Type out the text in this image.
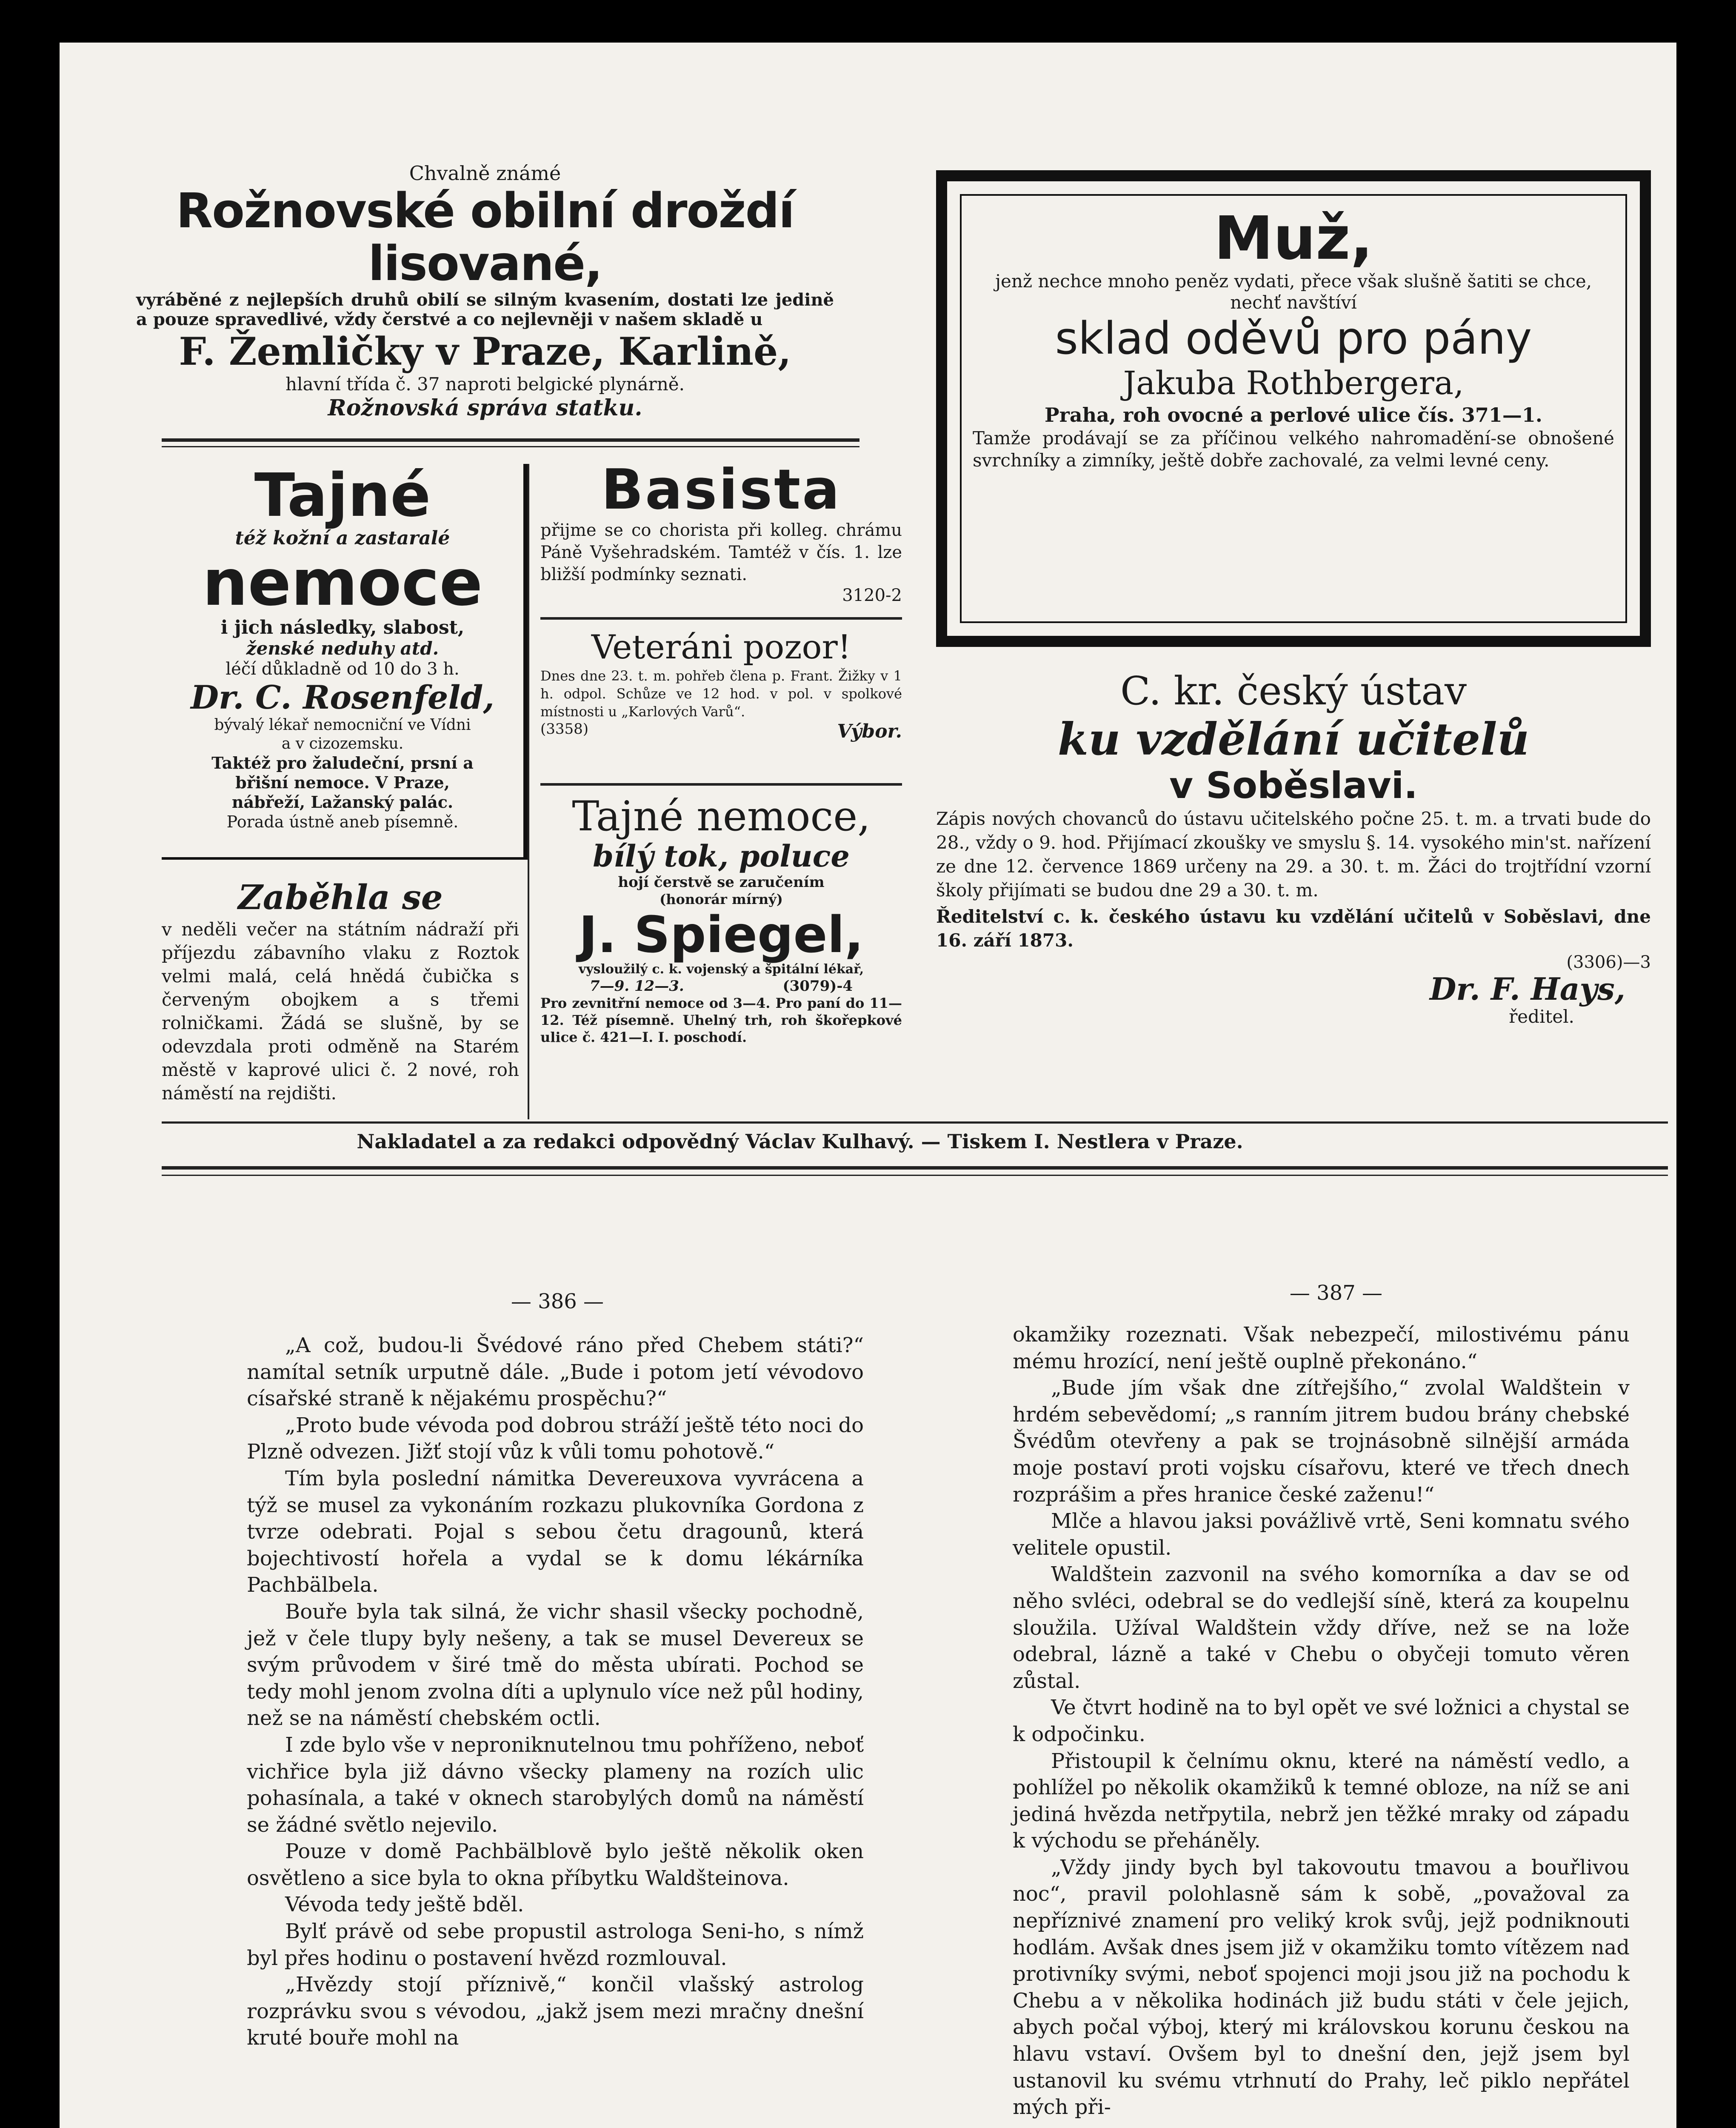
Chvalně známé
Rožnovské obilní droždí lisované,
vyráběné z nejlepších druhů obilí se silným kvasením, dostati lze jedině a pouze spravedlivé, vždy čerstvé a co nejlevněji v našem skladě u
F. Žemličky v Praze, Karlině,
hlavní třída č. 37 naproti belgické plynárně.
Rožnovská správa statku.
Tajné
též kožní a zastaralé
nemoce
i jich následky, slabost,
ženské neduhy atd.
léčí důkladně od 10 do 3 h.
Dr. C. Rosenfeld,
bývalý lékař nemocniční ve Vídni
a v cizozemsku.
Taktéž pro žaludeční, prsní a
břišní nemoce. V Praze,
nábřeží, Lažanský palác.
Porada ústně aneb písemně.
Zaběhla se
v neděli večer na státním nádraží při příjezdu zábavního vlaku z Roztok velmi malá, celá hnědá čubička s červeným obojkem a s třemi rolničkami. Žádá se slušně, by se odevzdala proti odměně na Starém městě v kaprové ulici č. 2 nové, roh náměstí na rejdišti.
Basista
přijme se co chorista při kolleg. chrámu Páně Vyšehradském. Tamtéž v čís. 1. lze bližší podmínky seznati.
3120-2
Veteráni pozor!
Dnes dne 23. t. m. pohřeb člena p. Frant. Žižky v 1 h. odpol. Schůze ve 12 hod. v pol. v spolkové místnosti u „Karlových Varů“.
(3358)	Výbor.
Tajné nemoce,
bílý tok, poluce
hojí čerstvě se zaručením
(honorár mírný)
J. Spiegel,
vysloužilý c. k. vojenský a špitální lékař,
7—9. 12—3.	(3079)-4
Pro zevnitřní nemoce od 3—4. Pro paní do 11—12. Též písemně. Uhelný trh, roh škořepkové ulice č. 421—I. I. poschodí.
Muž,
jenž nechce mnoho peněz vydati, přece však slušně šatiti se chce, nechť navštíví
sklad oděvů pro pány
Jakuba Rothbergera,
Praha, roh ovocné a perlové ulice čís. 371—1.
Tamže prodávají se za příčinou velkého nahromadění-se obnošené svrchníky a zimníky, ještě dobře zachovalé, za velmi levné ceny.
C. kr. český ústav
ku vzdělání učitelů
v Soběslavi.
Zápis nových chovanců do ústavu učitelského počne 25. t. m. a trvati bude do 28., vždy o 9. hod. Přijímací zkoušky ve smyslu §. 14. vysokého min'st. nařízení ze dne 12. července 1869 určeny na 29. a 30. t. m. Žáci do trojtřídní vzorní školy přijímati se budou dne 29 a 30. t. m.
Ředitelství c. k. českého ústavu ku vzdělání učitelů v Soběslavi, dne 16. září 1873.
(3306)—3
Dr. F. Hays,
ředitel.
Nakladatel a za redakci odpovědný Václav Kulhavý. — Tiskem I. Nestlera v Praze.
— 386 —	— 387 —

„A což, budou-li Švédové ráno před Chebem státi?“ namítal setník urputně dále. „Bude i potom jetí vévodovo císařské straně k nějakému prospěchu?“

„Proto bude vévoda pod dobrou stráží ještě této noci do Plzně odvezen. Jižť stojí vůz k vůli tomu pohotově.“

Tím byla poslední námitka Devereuxova vyvrácena a týž se musel za vykonáním rozkazu plukovníka Gordona z tvrze odebrati. Pojal s sebou četu dragounů, která bojechtivostí hořela a vydal se k domu lékárníka Pachbälbela.

Bouře byla tak silná, že vichr shasil všecky pochodně, jež v čele tlupy byly nešeny, a tak se musel Devereux se svým průvodem v širé tmě do města ubírati. Pochod se tedy mohl jenom zvolna díti a uplynulo více než půl hodiny, než se na náměstí chebském octli.

I zde bylo vše v neproniknutelnou tmu pohříženo, neboť vichřice byla již dávno všecky plameny na rozích ulic pohasínala, a také v oknech starobylých domů na náměstí se žádné světlo nejevilo.

Pouze v domě Pachbälblově bylo ještě několik oken osvětleno a sice byla to okna příbytku Waldšteinova.

Vévoda tedy ještě bděl.

Bylť právě od sebe propustil astrologa Seni-ho, s nímž byl přes hodinu o postavení hvězd rozmlouval.

„Hvězdy stojí příznivě,“ končil vlašský astrolog rozprávku svou s vévodou, „jakž jsem mezi mračny dnešní kruté bouře mohl na

okamžiky rozeznati. Však nebezpečí, milostivému pánu mému hrozící, není ještě ouplně překonáno.“

„Bude jím však dne zítřejšího,“ zvolal Waldštein v hrdém sebevědomí; „s ranním jitrem budou brány chebské Švédům otevřeny a pak se trojnásobně silnější armáda moje postaví proti vojsku císařovu, které ve třech dnech rozprášim a přes hranice české zaženu!“

Mlče a hlavou jaksi povážlivě vrtě, Seni komnatu svého velitele opustil.

Waldštein zazvonil na svého komorníka a dav se od něho svléci, odebral se do vedlejší síně, která za koupelnu sloužila. Užíval Waldštein vždy dříve, než se na lože odebral, lázně a také v Chebu o obyčeji tomuto věren zůstal.

Ve čtvrt hodině na to byl opět ve své ložnici a chystal se k odpočinku.

Přistoupil k čelnímu oknu, které na náměstí vedlo, a pohlížel po několik okamžiků k temné obloze, na níž se ani jediná hvězda netřpytila, nebrž jen těžké mraky od západu k východu se přeháněly.

„Vždy jindy bych byl takovoutu tmavou a bouřlivou noc“, pravil polohlasně sám k sobě, „považoval za nepříznivé znamení pro veliký krok svůj, jejž podniknouti hodlám. Avšak dnes jsem již v okamžiku tomto vítězem nad protivníky svými, neboť spojenci moji jsou již na pochodu k Chebu a v několika hodinách již budu státi v čele jejich, abych počal výboj, který mi královskou korunu českou na hlavu vstaví. Ovšem byl to dnešní den, jejž jsem byl ustanovil ku svému vtrhnutí do Prahy, leč piklo nepřátel mých při-
